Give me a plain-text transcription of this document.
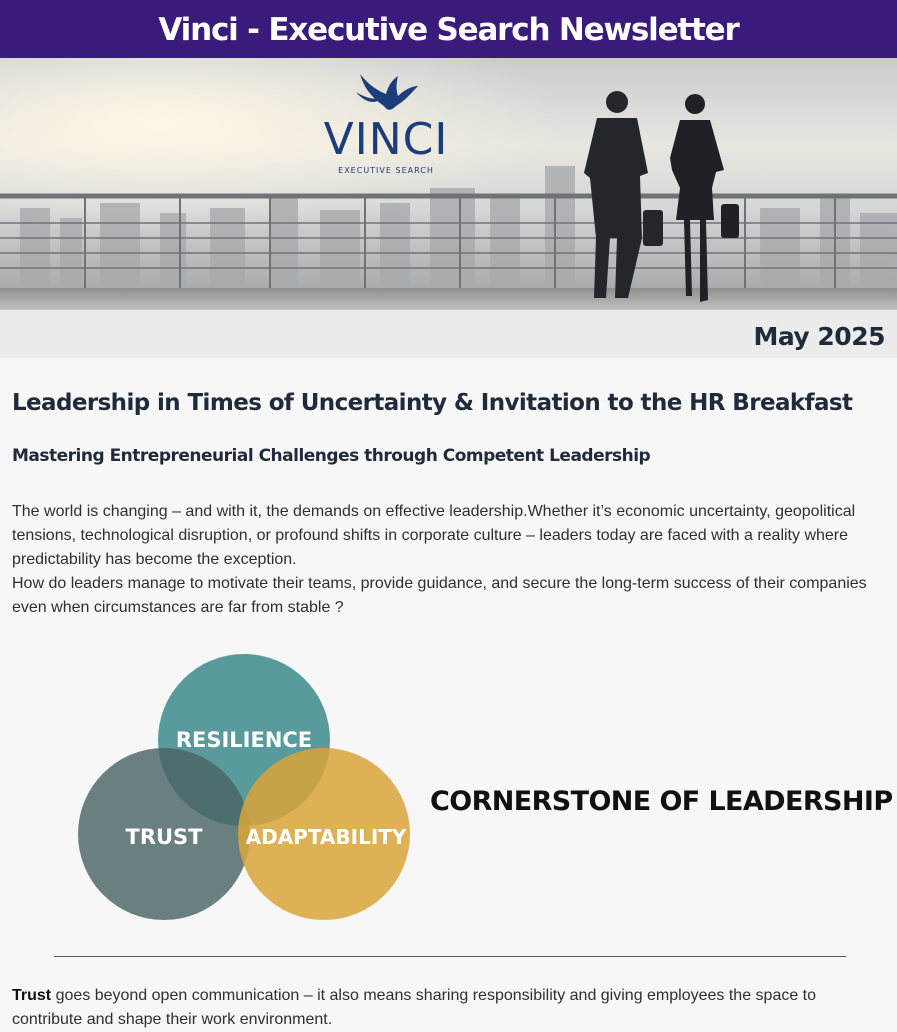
Vinci - Executive Search Newsletter
VINCI
EXECUTIVE SEARCH
May 2025
Leadership in Times of Uncertainty & Invitation to the HR Breakfast
Mastering Entrepreneurial Challenges through Competent Leadership

The world is changing – and with it, the demands on effective leadership.Whether it’s economic uncertainty, geopolitical tensions, technological disruption, or profound shifts in corporate culture – leaders today are faced with a reality where predictability has become the exception.

How do leaders manage to motivate their teams, provide guidance, and secure the long-term success of their companies even when circumstances are far from stable ?

RESILIENCE
TRUST ADAPTABILITY
CORNERSTONE OF LEADERSHIP

Trust goes beyond open communication – it also means sharing responsibility and giving employees the space to contribute and shape their work environment.
